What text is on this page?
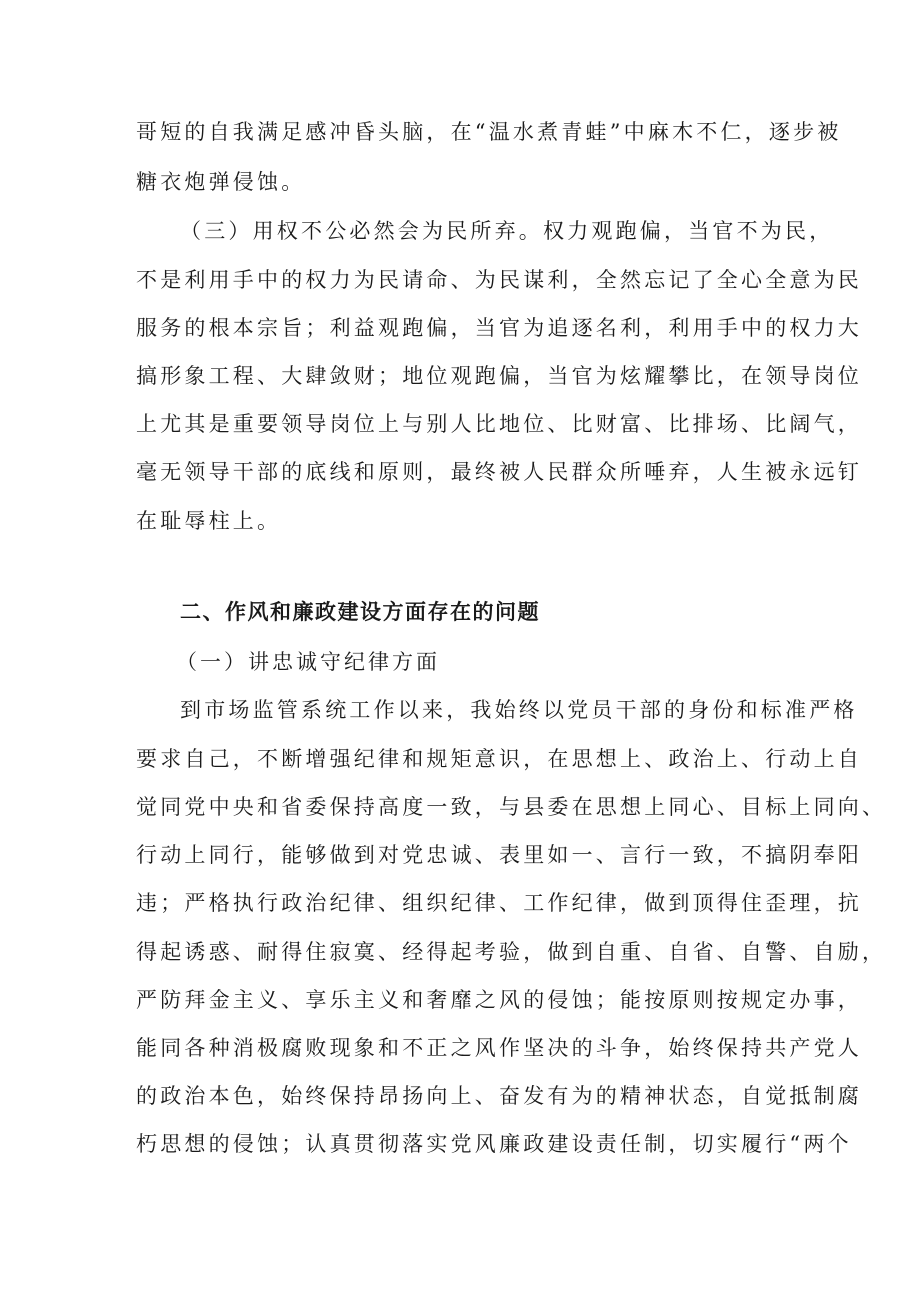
哥短的自我满足感冲昏头脑，在“温水煮青蛙”中麻木不仁，逐步被
糖衣炮弹侵蚀。
（三）用权不公必然会为民所弃。权力观跑偏，当官不为民，
不是利用手中的权力为民请命、为民谋利，全然忘记了全心全意为民
服务的根本宗旨；利益观跑偏，当官为追逐名利，利用手中的权力大
搞形象工程、大肆敛财；地位观跑偏，当官为炫耀攀比，在领导岗位
上尤其是重要领导岗位上与别人比地位、比财富、比排场、比阔气，
毫无领导干部的底线和原则，最终被人民群众所唾弃，人生被永远钉
在耻辱柱上。
二、作风和廉政建设方面存在的问题
（一）讲忠诚守纪律方面
到市场监管系统工作以来，我始终以党员干部的身份和标准严格
要求自己，不断增强纪律和规矩意识，在思想上、政治上、行动上自
觉同党中央和省委保持高度一致，与县委在思想上同心、目标上同向、
行动上同行，能够做到对党忠诚、表里如一、言行一致，不搞阴奉阳
违；严格执行政治纪律、组织纪律、工作纪律，做到顶得住歪理，抗
得起诱惑、耐得住寂寞、经得起考验，做到自重、自省、自警、自励，
严防拜金主义、享乐主义和奢靡之风的侵蚀；能按原则按规定办事，
能同各种消极腐败现象和不正之风作坚决的斗争，始终保持共产党人
的政治本色，始终保持昂扬向上、奋发有为的精神状态，自觉抵制腐
朽思想的侵蚀；认真贯彻落实党风廉政建设责任制，切实履行“两个
